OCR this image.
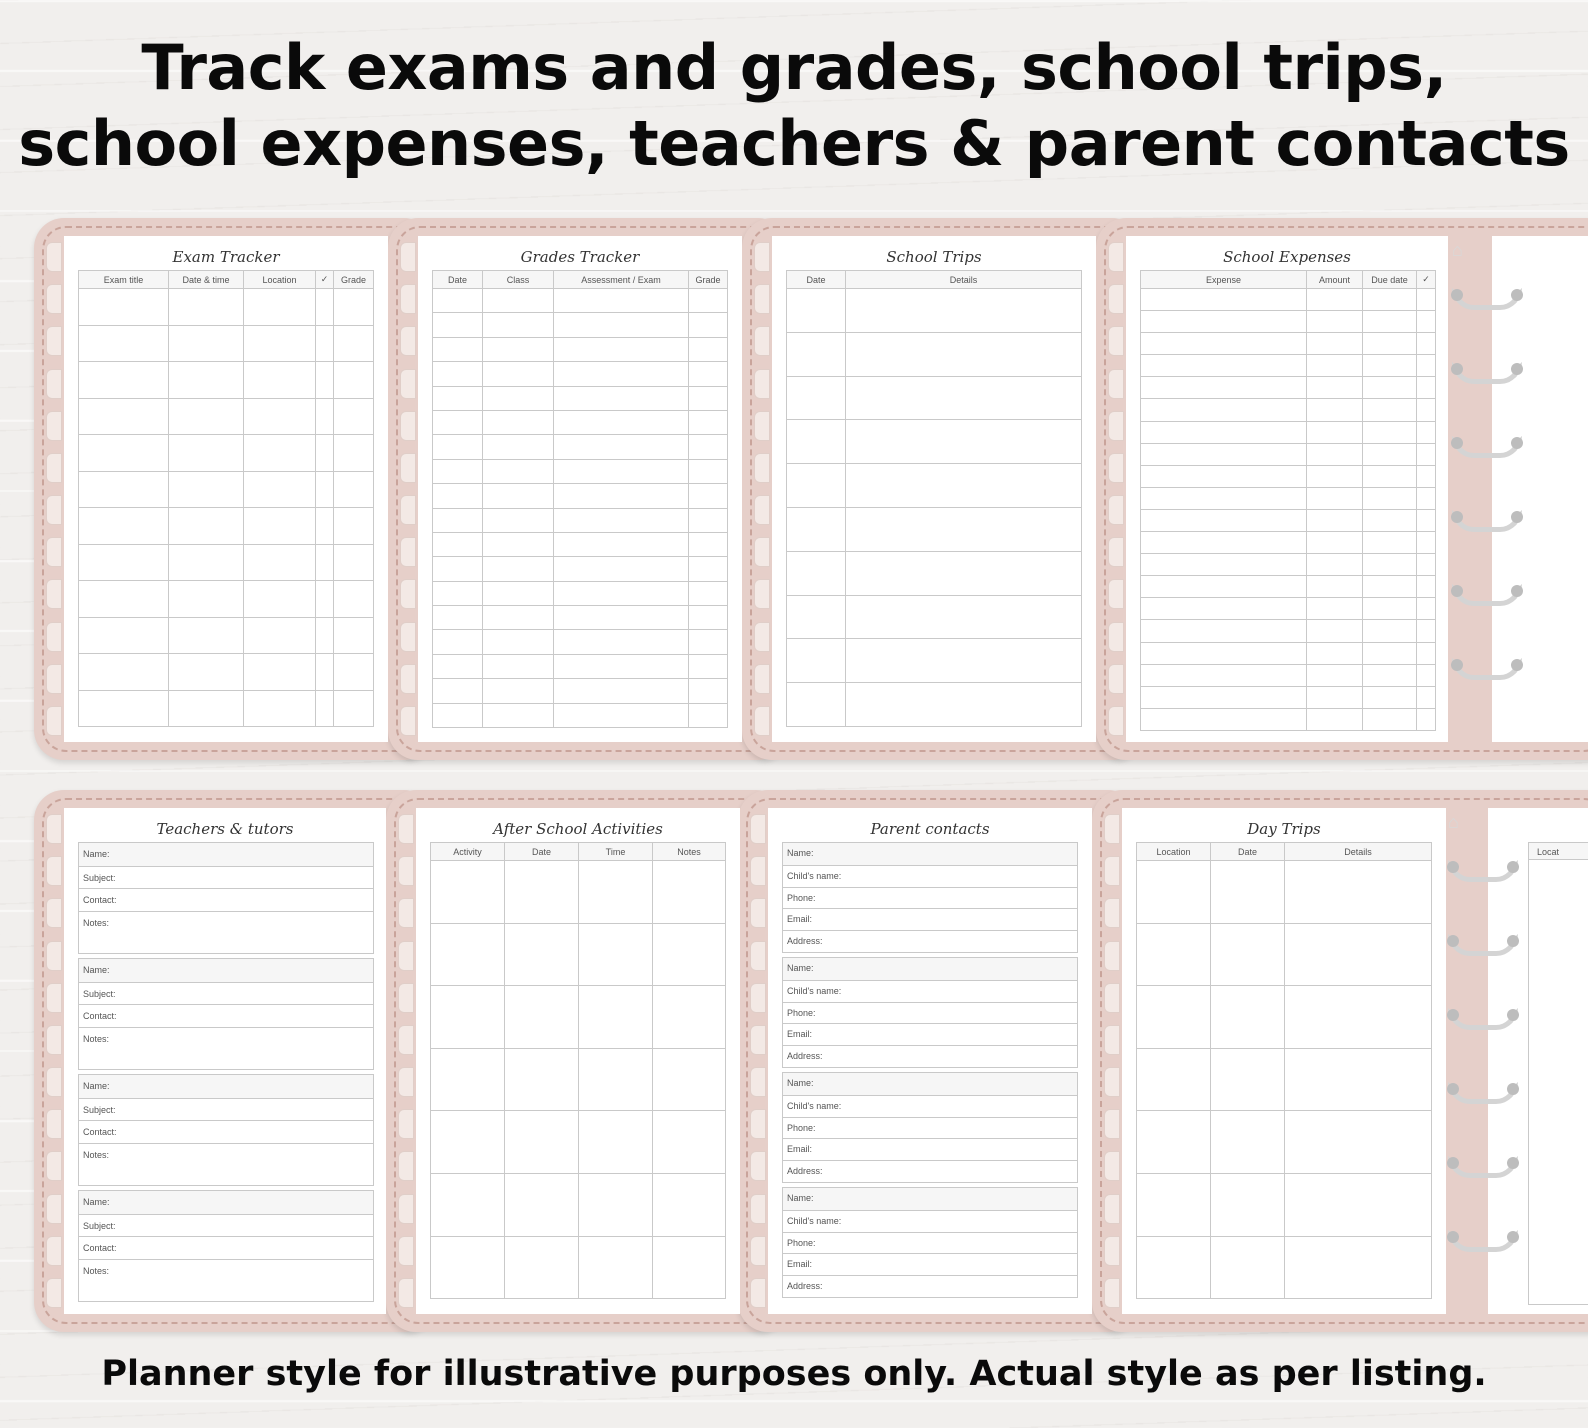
Track exams and grades, school trips,
school expenses, teachers & parent contacts
Exam Tracker
Exam title	Date & time	Location	✓	Grade

Grades Tracker
Date	Class	Assessment / Exam	Grade

School Trips
Date	Details

School Expenses
Expense	Amount	Due date	✓

⌂
Teachers & tutors
Name:
Subject:
Contact:
Notes:
Name:
Subject:
Contact:
Notes:
Name:
Subject:
Contact:
Notes:
Name:
Subject:
Contact:
Notes:
After School Activities
Activity	Date	Time	Notes

Parent contacts
Name:
Child's name:
Phone:
Email:
Address:
Name:
Child's name:
Phone:
Email:
Address:
Name:
Child's name:
Phone:
Email:
Address:
Name:
Child's name:
Phone:
Email:
Address:
Day Trips
Location	Date	Details

⌂
Locat
Planner style for illustrative purposes only. Actual style as per listing.
